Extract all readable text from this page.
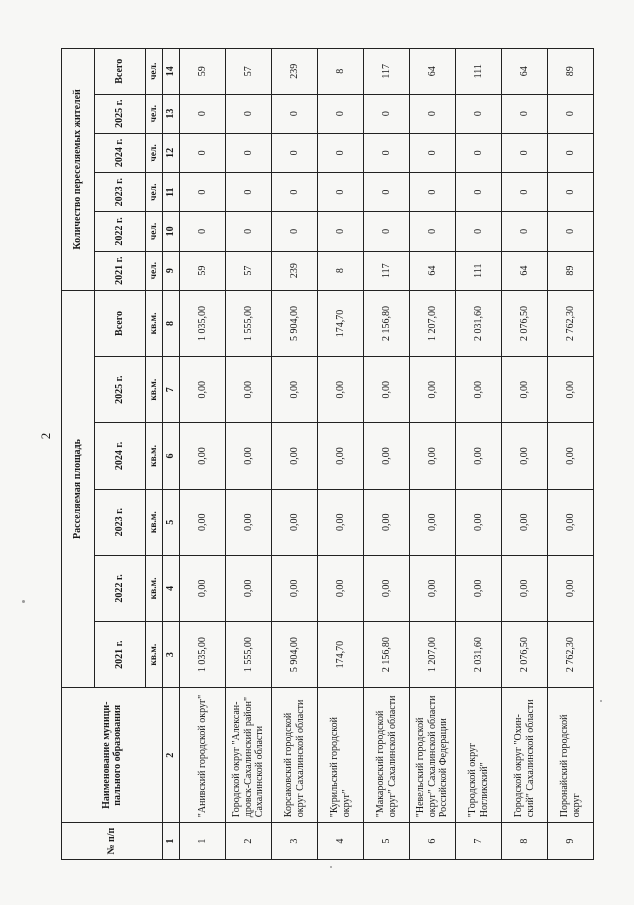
2
№ п/п	Наименование муници-пального образования	Расселяемая площадь						Количество переселяемых жителей					
		2021 г.	2022 г.	2023 г.	2024 г.	2025 г.	Всего	2021 г.	2022 г.	2023 г.	2024 г.	2025 г.	Всего
		кв.м.	кв.м.	кв.м.	кв.м.	кв.м.	кв.м.	чел.	чел.	чел.	чел.	чел.	чел.
1	2	3	4	5	6	7	8	9	10	11	12	13	14
1	"Анивский городской округ"	1 035,00	0,00	0,00	0,00	0,00	1 035,00	59	0	0	0	0	59
2	Городской округ "Алексан-дровск-Сахалинский район" Сахалинской области	1 555,00	0,00	0,00	0,00	0,00	1 555,00	57	0	0	0	0	57
3	Корсаковский городской округ Сахалинской области	5 904,00	0,00	0,00	0,00	0,00	5 904,00	239	0	0	0	0	239
4	"Курильский городской округ"	174,70	0,00	0,00	0,00	0,00	174,70	8	0	0	0	0	8
5	"Макаровский городской округ" Сахалинской области	2 156,80	0,00	0,00	0,00	0,00	2 156,80	117	0	0	0	0	117
6	"Невельский городской округ" Сахалинской области Российской Федерации	1 207,00	0,00	0,00	0,00	0,00	1 207,00	64	0	0	0	0	64
7	"Городской округ Ногликский"	2 031,60	0,00	0,00	0,00	0,00	2 031,60	111	0	0	0	0	111
8	Городской округ "Охин-ский" Сахалинской области	2 076,50	0,00	0,00	0,00	0,00	2 076,50	64	0	0	0	0	64
9	Поронайский городской округ	2 762,30	0,00	0,00	0,00	0,00	2 762,30	89	0	0	0	0	89
